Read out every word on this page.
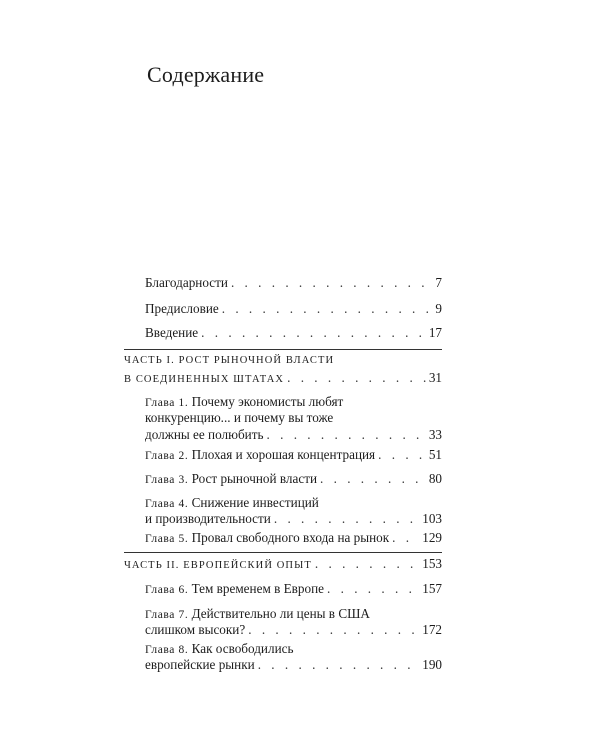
Содержание
Благодарности . . .	7
Предисловие . . .	9
Введение . . .	17
ЧАСТЬ I. РОСТ РЫНОЧНОЙ ВЛАСТИ
В СОЕДИНЕННЫХ ШТАТАХ . . .	31
Глава 1. Почему экономисты любят
конкуренцию... и почему вы тоже
должны ее полюбить . . .	33
Глава 2. Плохая и хорошая концентрация . . .	51
Глава 3. Рост рыночной власти . . .	80
Глава 4. Снижение инвестиций
и производительности . . .	103
Глава 5. Провал свободного входа на рынок . . .	129
ЧАСТЬ II. ЕВРОПЕЙСКИЙ ОПЫТ . . .	153
Глава 6. Тем временем в Европе . . .	157
Глава 7. Действительно ли цены в США
слишком высоки? . . .	172
Глава 8. Как освободились
европейские рынки . . .	190
